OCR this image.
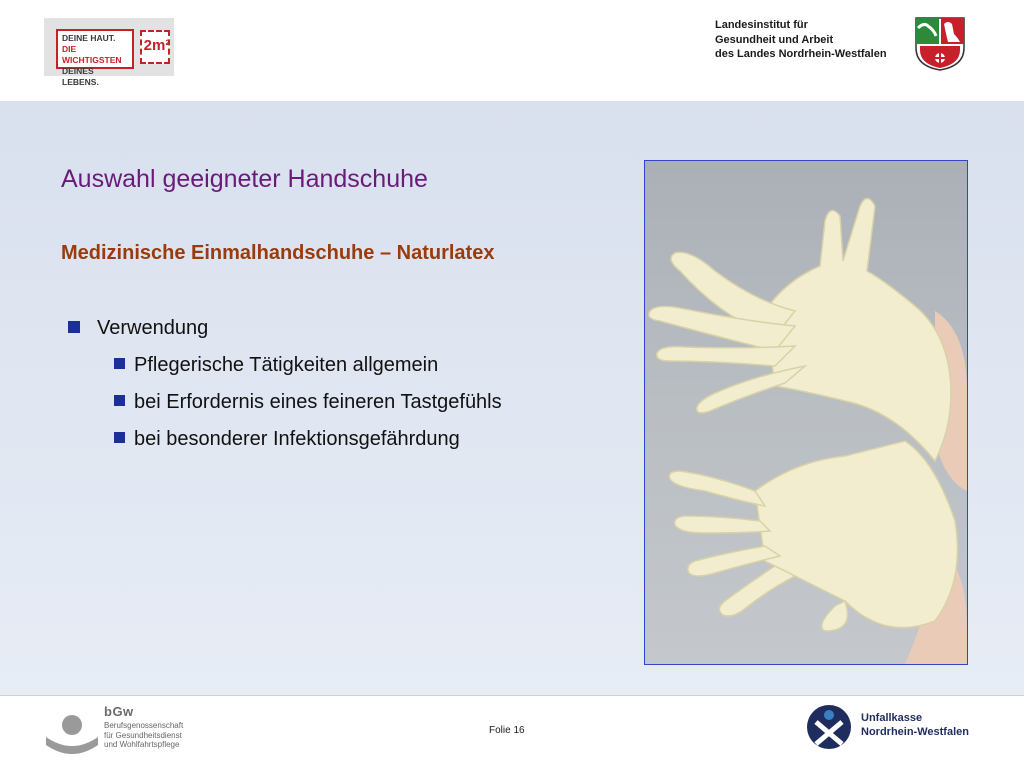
DEINE HAUT.
DIE WICHTIGSTEN
DEINES LEBENS.
2m²
Landesinstitut für
Gesundheit und Arbeit
des Landes Nordrhein-Westfalen
Auswahl geeigneter Handschuhe
Medizinische Einmalhandschuhe – Naturlatex
Verwendung
Pflegerische Tätigkeiten allgemein
bei Erfordernis eines feineren Tastgefühls
bei besonderer Infektionsgefährdung
bGw
Berufsgenossenschaft
für Gesundheitsdienst
und Wohlfahrtspflege
Folie 16
Unfallkasse
Nordrhein-Westfalen
